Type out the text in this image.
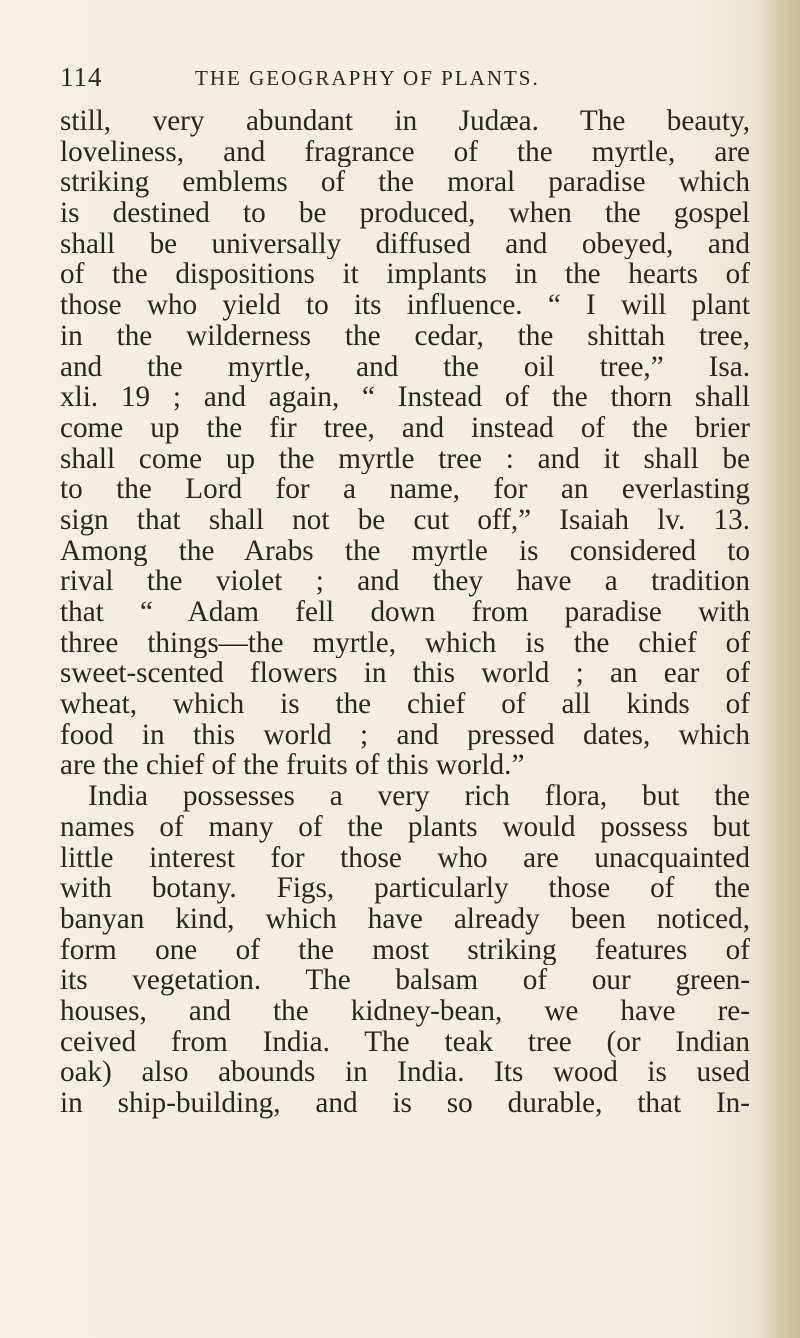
114	THE GEOGRAPHY OF PLANTS.
still, very abundant in Judæa. The beauty,
loveliness, and fragrance of the myrtle, are
striking emblems of the moral paradise which
is destined to be produced, when the gospel
shall be universally diffused and obeyed, and
of the dispositions it implants in the hearts of
those who yield to its influence. “ I will plant
in the wilderness the cedar, the shittah tree,
and the myrtle, and the oil tree,” Isa.
xli. 19 ; and again, “ Instead of the thorn shall
come up the fir tree, and instead of the brier
shall come up the myrtle tree : and it shall be
to the Lord for a name, for an everlasting
sign that shall not be cut off,” Isaiah lv. 13.
Among the Arabs the myrtle is considered to
rival the violet ; and they have a tradition
that “ Adam fell down from paradise with
three things—the myrtle, which is the chief of
sweet-scented flowers in this world ; an ear of
wheat, which is the chief of all kinds of
food in this world ; and pressed dates, which
are the chief of the fruits of this world.”
India possesses a very rich flora, but the
names of many of the plants would possess but
little interest for those who are unacquainted
with botany. Figs, particularly those of the
banyan kind, which have already been noticed,
form one of the most striking features of
its vegetation. The balsam of our green-
houses, and the kidney-bean, we have re-
ceived from India. The teak tree (or Indian
oak) also abounds in India. Its wood is used
in ship-building, and is so durable, that In-
